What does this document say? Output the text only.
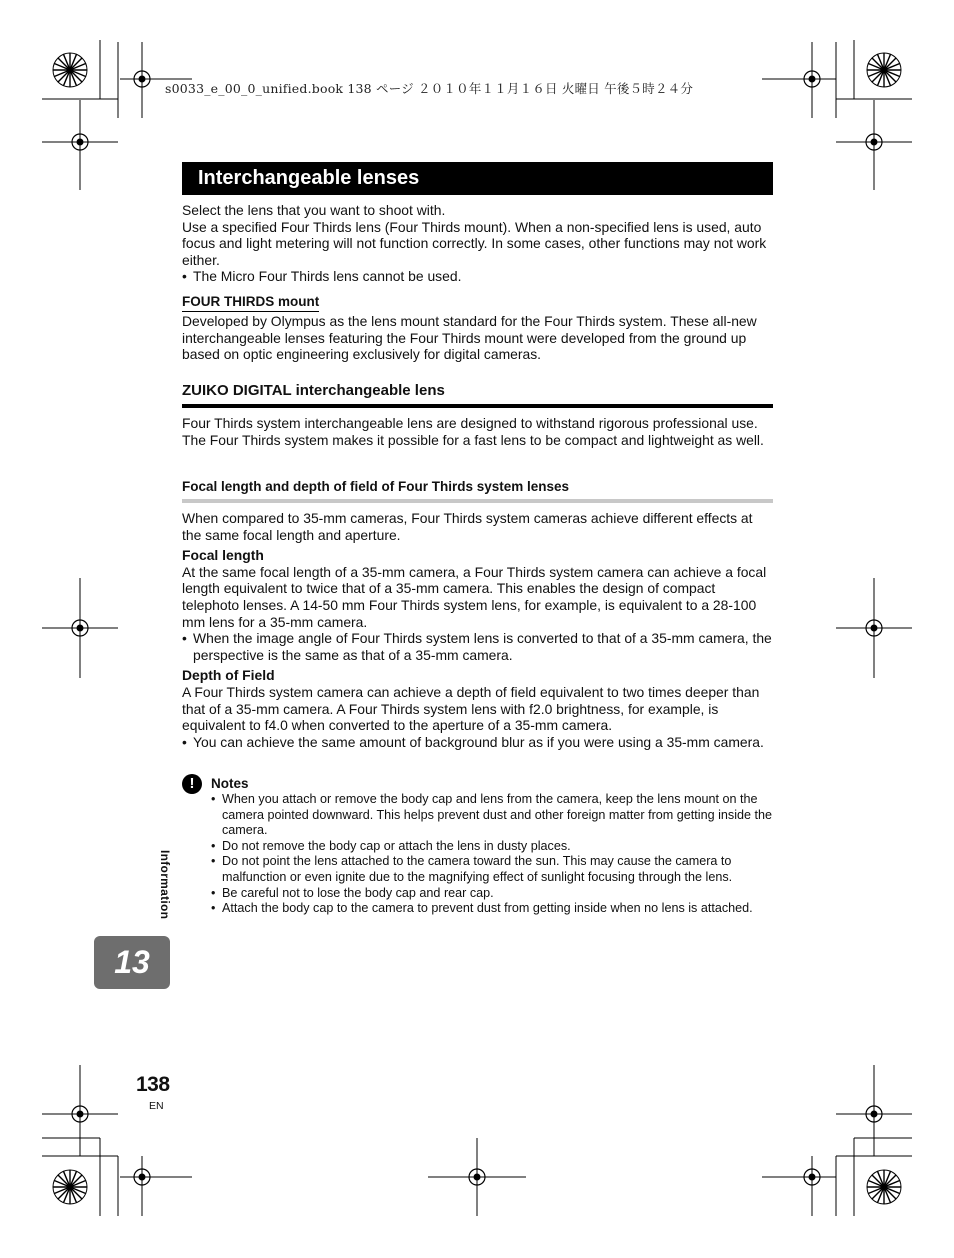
s0033_e_00_0_unified.book 138 ページ ２０１０年１１月１６日 火曜日 午後５時２４分
Interchangeable lenses

Select the lens that you want to shoot with.

Use a specified Four Thirds lens (Four Thirds mount). When a non-specified lens is used, auto focus and light metering will not function correctly. In some cases, other functions may not work either.

• The Micro Four Thirds lens cannot be used.

FOUR THIRDS mount
Developed by Olympus as the lens mount standard for the Four Thirds system. These all-new interchangeable lenses featuring the Four Thirds mount were developed from the ground up based on optic engineering exclusively for digital cameras.
ZUIKO DIGITAL interchangeable lens
Four Thirds system interchangeable lens are designed to withstand rigorous professional use. The Four Thirds system makes it possible for a fast lens to be compact and lightweight as well.
Focal length and depth of field of Four Thirds system lenses

When compared to 35-mm cameras, Four Thirds system cameras achieve different effects at the same focal length and aperture.

Focal length

At the same focal length of a 35-mm camera, a Four Thirds system camera can achieve a focal length equivalent to twice that of a 35-mm camera. This enables the design of compact telephoto lenses. A 14-50 mm Four Thirds system lens, for example, is equivalent to a 28-100 mm lens for a 35-mm camera.

• When the image angle of Four Thirds system lens is converted to that of a 35-mm camera, the perspective is the same as that of a 35-mm camera.

Depth of Field

A Four Thirds system camera can achieve a depth of field equivalent to two times deeper than that of a 35-mm camera. A Four Thirds system lens with f2.0 brightness, for example, is equivalent to f4.0 when converted to the aperture of a 35-mm camera.

• You can achieve the same amount of background blur as if you were using a 35-mm camera.

!	Notes

• When you attach or remove the body cap and lens from the camera, keep the lens mount on the camera pointed downward. This helps prevent dust and other foreign matter from getting inside the camera.

• Do not remove the body cap or attach the lens in dusty places.

• Do not point the lens attached to the camera toward the sun. This may cause the camera to malfunction or even ignite due to the magnifying effect of sunlight focusing through the lens.

• Be careful not to lose the body cap and rear cap.

• Attach the body cap to the camera to prevent dust from getting inside when no lens is attached.

Information
13
138
EN
